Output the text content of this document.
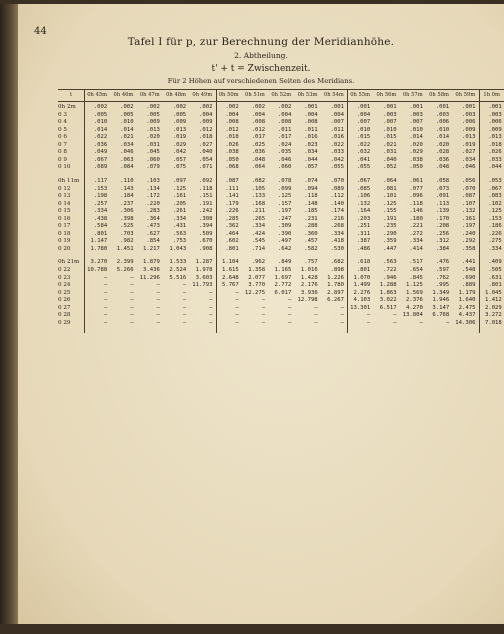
44
Tafel I für p, zur Berechnung der Meridianhöhe.
2. Abtheilung.
t' + t = Zwischenzeit.
Für 2 Höhen auf verschiedenen Seiten des Meridians.
t	0h 45m	0h 46m	0h 47m	0h 48m	0h 49m	0h 50m	0h 51m	0h 52m	0h 53m	0h 54m	0h 55m	0h 56m	0h 57m	0h 58m	0h 59m	1h 0m
0h 2m	.002	.002	.002	.002	.002	.002	.002	.002	.001	.001	.001	.001	.001	.001	.001	.001
0 3	.005	.005	.005	.005	.004	.004	.004	.004	.004	.004	.004	.003	.003	.003	.003	.003
0 4	.010	.010	.009	.009	.009	.008	.008	.008	.008	.007	.007	.007	.007	.006	.006	.006
0 5	.014	.014	.013	.013	.012	.012	.012	.011	.011	.011	.010	.010	.010	.010	.009	.009
0 6	.022	.021	.020	.019	.018	.018	.017	.017	.016	.016	.015	.015	.014	.014	.013	.013
0 7	.036	.034	.031	.029	.027	.026	.025	.024	.023	.022	.022	.021	.020	.020	.019	.018
0 8	.049	.046	.045	.042	.040	.038	.036	.035	.034	.033	.032	.031	.029	.028	.027	.026
0 9	.067	.063	.060	.057	.054	.050	.048	.046	.044	.042	.041	.040	.038	.036	.034	.033
0 10	.089	.084	.079	.075	.071	.068	.064	.060	.057	.055	.055	.052	.050	.048	.046	.044
0h 11m	.117	.110	.103	.097	.092	.087	.082	.078	.074	.070	.067	.064	.061	.058	.056	.053
0 12	.153	.143	.134	.125	.118	.111	.105	.099	.094	.089	.085	.081	.077	.073	.070	.067
0 13	.198	.184	.172	.161	.151	.141	.133	.125	.118	.112	.106	.101	.096	.091	.087	.083
0 14	.257	.237	.220	.205	.191	.179	.168	.157	.148	.140	.132	.125	.118	.113	.107	.102
0 15	.334	.306	.283	.261	.242	.226	.211	.197	.185	.174	.164	.155	.146	.139	.132	.125
0 16	.438	.398	.364	.334	.308	.285	.265	.247	.231	.216	.203	.191	.180	.170	.161	.153
0 17	.584	.525	.473	.431	.394	.362	.334	.309	.288	.268	.251	.235	.221	.208	.197	.186
0 18	.801	.703	.627	.563	.509	.464	.424	.390	.360	.334	.311	.290	.272	.256	.240	.226
0 19	1.147	.982	.854	.753	.670	.602	.545	.497	.457	.418	.387	.359	.334	.312	.292	.275
0 20	1.780	1.451	1.217	1.043	.908	.801	.714	.642	.582	.530	.486	.447	.414	.384	.358	.334
0h 21m	3.270	2.399	1.879	1.533	1.287	1.104	.962	.849	.757	.682	.618	.563	.517	.476	.441	.409
0 22	10.788	5.266	3.436	2.524	1.978	1.615	1.358	1.165	1.016	.898	.801	.722	.654	.597	.548	.505
0 23	—	—	11.296	5.516	3.603	2.648	2.077	1.697	1.428	1.226	1.070	.946	.845	.762	.690	.631
0 24	—	—	—	—	11.793	5.767	3.770	2.772	2.176	1.780	1.499	1.288	1.125	.995	.889	.801
0 25	—	—	—	—	—	—	12.275	6.017	3.936	2.897	2.276	1.863	1.569	1.349	1.179	1.045
0 26	—	—	—	—	—	—	—	—	12.798	6.267	4.103	3.022	2.376	1.946	1.640	1.412
0 27	—	—	—	—	—	—	—	—	—	—	13.301	6.517	4.270	3.147	2.475	2.029
0 28	—	—	—	—	—	—	—	—	—	—	—	—	13.804	6.768	4.437	3.272
0 29	—	—	—	—	—	—	—	—	—	—	—	—	—	—	14.306	7.018
